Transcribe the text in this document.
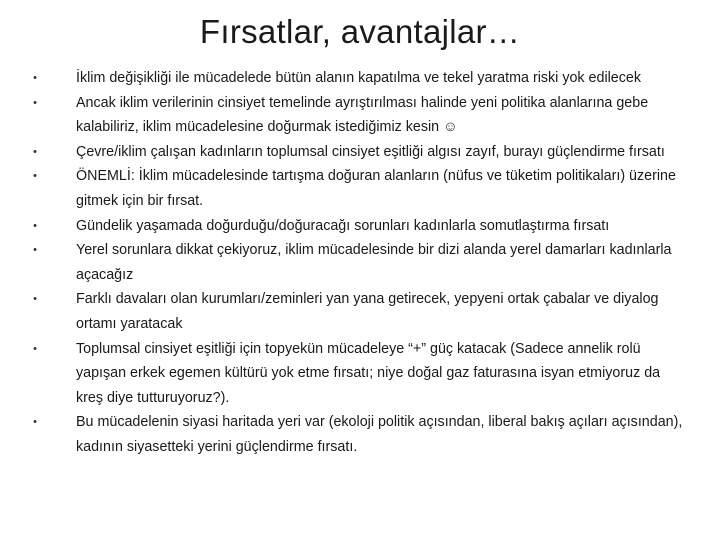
Fırsatlar, avantajlar…
•	İklim değişikliği ile mücadelede bütün alanın kapatılma ve tekel yaratma riski yok edilecek
•	Ancak iklim verilerinin cinsiyet temelinde ayrıştırılması halinde yeni politika alanlarına gebe kalabiliriz, iklim mücadelesine doğurmak istediğimiz kesin ☺
•	Çevre/iklim çalışan kadınların toplumsal cinsiyet eşitliği algısı zayıf, burayı güçlendirme fırsatı
•	ÖNEMLİ: İklim mücadelesinde tartışma doğuran alanların (nüfus ve tüketim politikaları) üzerine gitmek için bir fırsat.
•	Gündelik yaşamada doğurduğu/doğuracağı sorunları kadınlarla somutlaştırma fırsatı
•	Yerel sorunlara dikkat çekiyoruz, iklim mücadelesinde bir dizi alanda yerel damarları kadınlarla açacağız
•	Farklı davaları olan kurumları/zeminleri yan yana getirecek, yepyeni ortak çabalar ve diyalog ortamı yaratacak
•	Toplumsal cinsiyet eşitliği için topyekün mücadeleye “+” güç katacak (Sadece annelik rolü yapışan erkek egemen kültürü yok etme fırsatı; niye doğal gaz faturasına isyan etmiyoruz da kreş diye tutturuyoruz?).
•	Bu mücadelenin siyasi haritada yeri var (ekoloji politik açısından, liberal bakış açıları açısından), kadının siyasetteki yerini güçlendirme fırsatı.
